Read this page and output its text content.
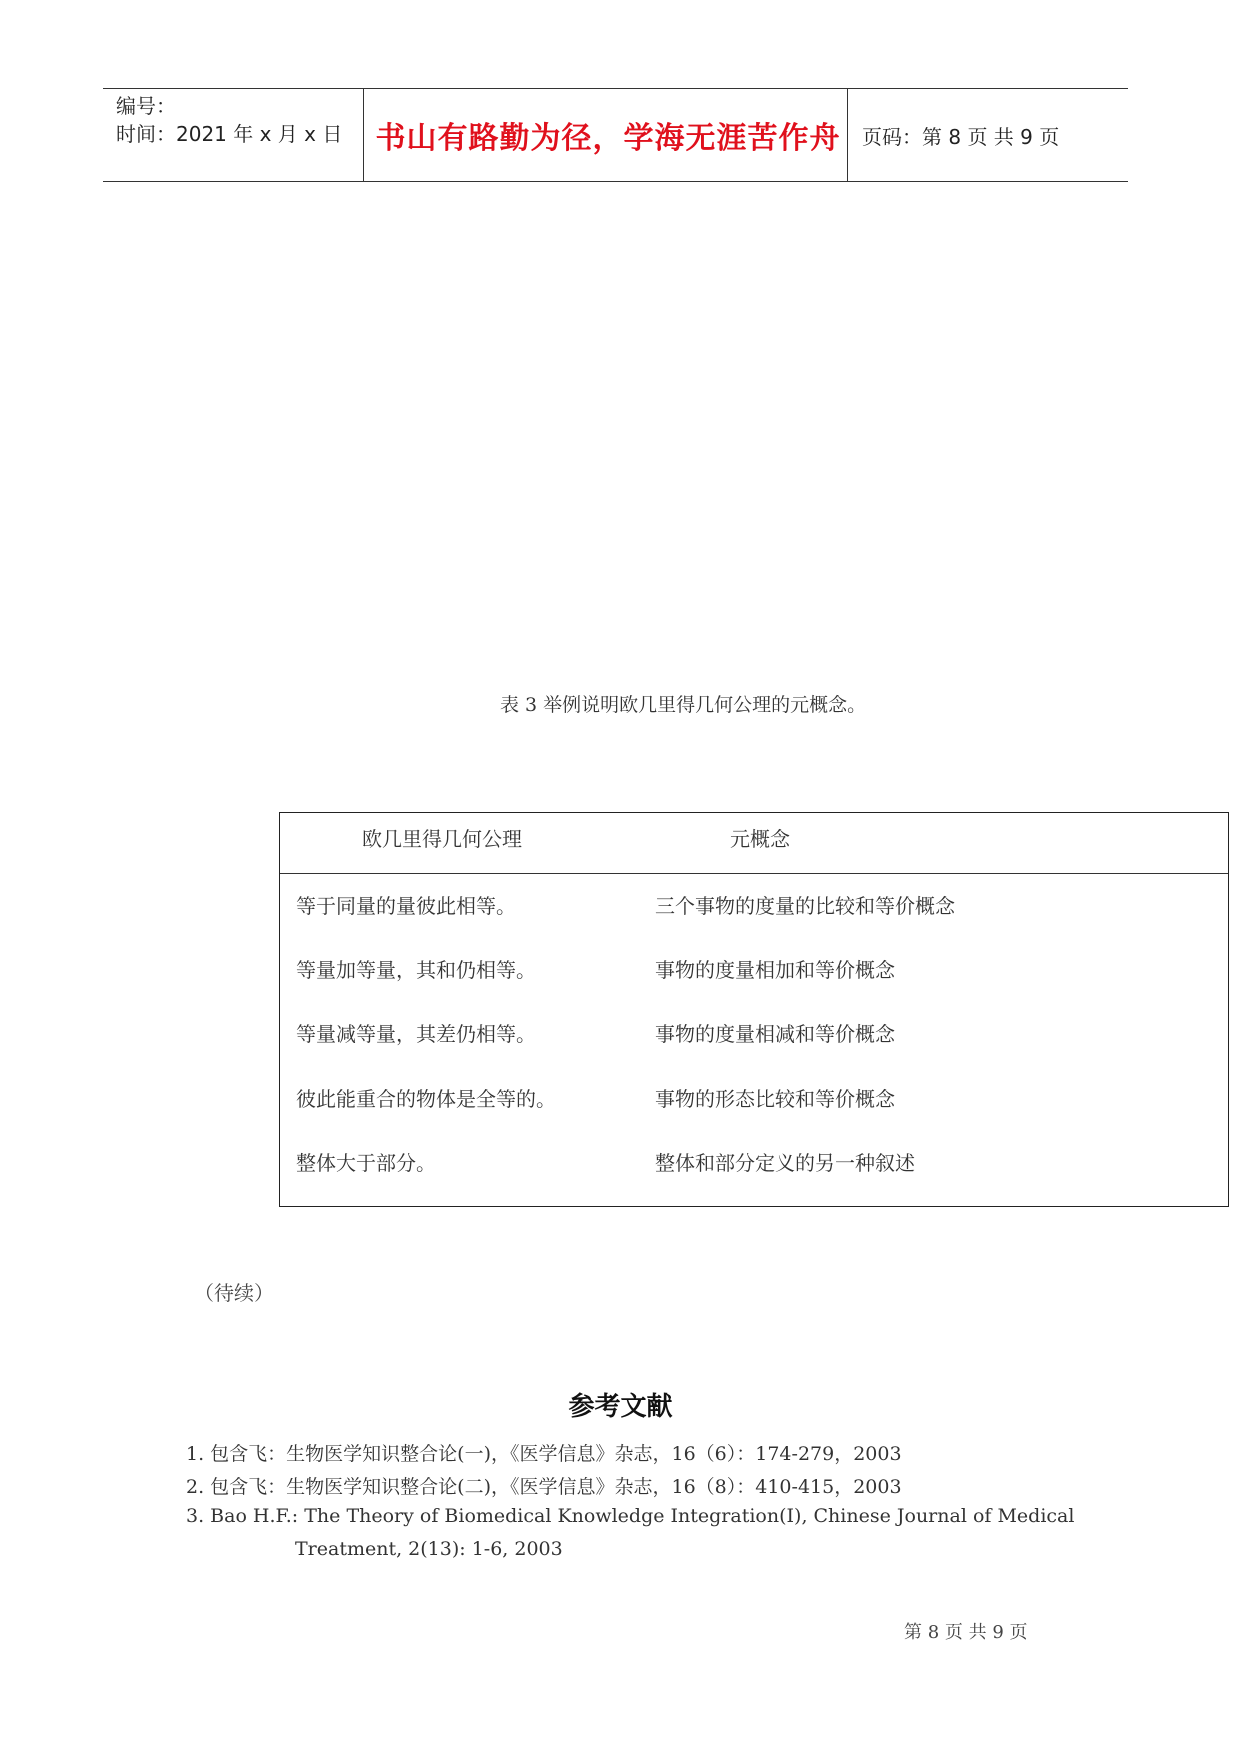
编号：
时间：2021 年 x 月 x 日 书山有路勤为径，学海无涯苦作舟	页码：第 8 页 共 9 页
表 3 举例说明欧几里得几何公理的元概念。
欧几里得几何公理	元概念
等于同量的量彼此相等。	三个事物的度量的比较和等价概念
等量加等量，其和仍相等。	事物的度量相加和等价概念
等量减等量，其差仍相等。	事物的度量相减和等价概念
彼此能重合的物体是全等的。	事物的形态比较和等价概念
整体大于部分。	整体和部分定义的另一种叙述
（待续）
参考文献
1. 包含飞：生物医学知识整合论(一)，《医学信息》杂志，16（6）：174-279，2003
2. 包含飞：生物医学知识整合论(二)，《医学信息》杂志，16（8）：410-415，2003
3. Bao H.F.: The Theory of Biomedical Knowledge Integration(Ⅰ), Chinese Journal of Medical
Treatment, 2(13): 1-6, 2003
第 8 页 共 9 页
